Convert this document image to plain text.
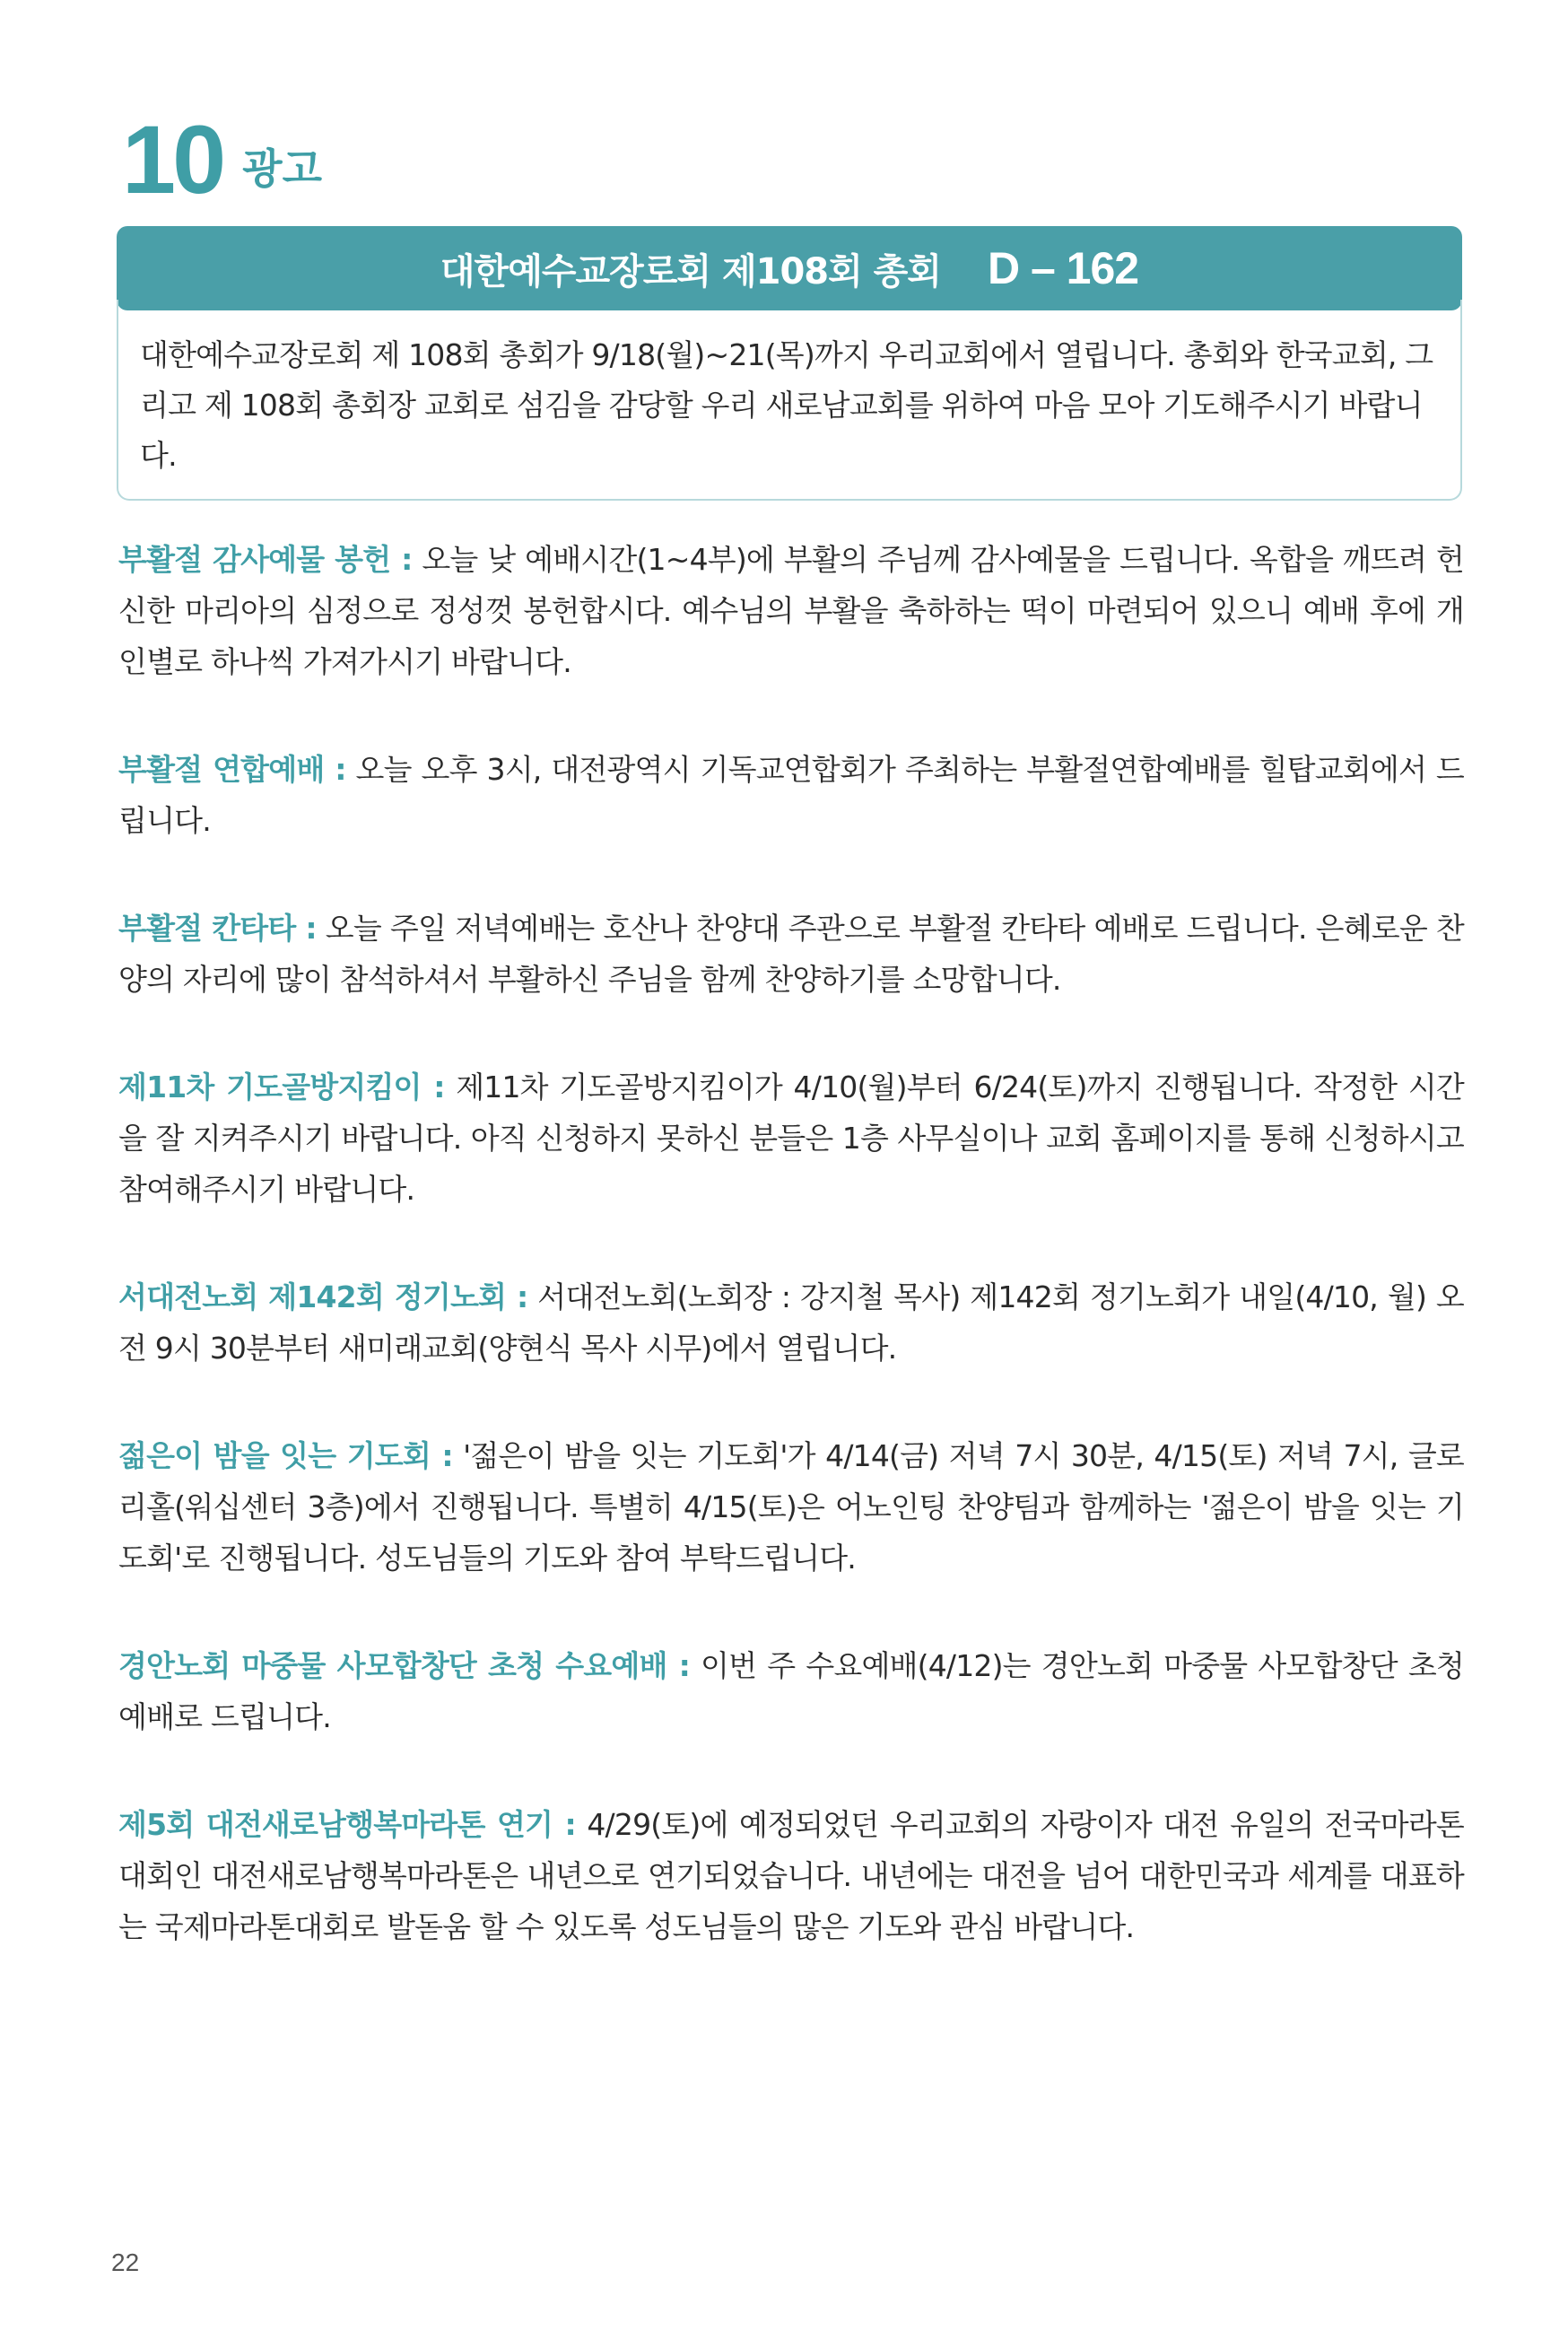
10 광고
대한예수교장로회 제108회 총회 D – 162
대한예수교장로회 제 108회 총회가 9/18(월)~21(목)까지 우리교회에서 열립니다. 총회와 한국교회, 그리고 제 108회 총회장 교회로 섬김을 감당할 우리 새로남교회를 위하여 마음 모아 기도해주시기 바랍니다.

부활절 감사예물 봉헌 : 오늘 낮 예배시간(1~4부)에 부활의 주님께 감사예물을 드립니다. 옥합을 깨뜨려 헌신한 마리아의 심정으로 정성껏 봉헌합시다. 예수님의 부활을 축하하는 떡이 마련되어 있으니 예배 후에 개인별로 하나씩 가져가시기 바랍니다.

부활절 연합예배 : 오늘 오후 3시, 대전광역시 기독교연합회가 주최하는 부활절연합예배를 힐탑교회에서 드립니다.

부활절 칸타타 : 오늘 주일 저녁예배는 호산나 찬양대 주관으로 부활절 칸타타 예배로 드립니다. 은혜로운 찬양의 자리에 많이 참석하셔서 부활하신 주님을 함께 찬양하기를 소망합니다.

제11차 기도골방지킴이 : 제11차 기도골방지킴이가 4/10(월)부터 6/24(토)까지 진행됩니다. 작정한 시간을 잘 지켜주시기 바랍니다. 아직 신청하지 못하신 분들은 1층 사무실이나 교회 홈페이지를 통해 신청하시고 참여해주시기 바랍니다.

서대전노회 제142회 정기노회 : 서대전노회(노회장 : 강지철 목사) 제142회 정기노회가 내일(4/10, 월) 오전 9시 30분부터 새미래교회(양현식 목사 시무)에서 열립니다.

젊은이 밤을 잇는 기도회 : '젊은이 밤을 잇는 기도회'가 4/14(금) 저녁 7시 30분, 4/15(토) 저녁 7시, 글로리홀(워십센터 3층)에서 진행됩니다. 특별히 4/15(토)은 어노인팅 찬양팀과 함께하는 '젊은이 밤을 잇는 기도회'로 진행됩니다. 성도님들의 기도와 참여 부탁드립니다.

경안노회 마중물 사모합창단 초청 수요예배 : 이번 주 수요예배(4/12)는 경안노회 마중물 사모합창단 초청예배로 드립니다.

제5회 대전새로남행복마라톤 연기 : 4/29(토)에 예정되었던 우리교회의 자랑이자 대전 유일의 전국마라톤대회인 대전새로남행복마라톤은 내년으로 연기되었습니다. 내년에는 대전을 넘어 대한민국과 세계를 대표하는 국제마라톤대회로 발돋움 할 수 있도록 성도님들의 많은 기도와 관심 바랍니다.

22
